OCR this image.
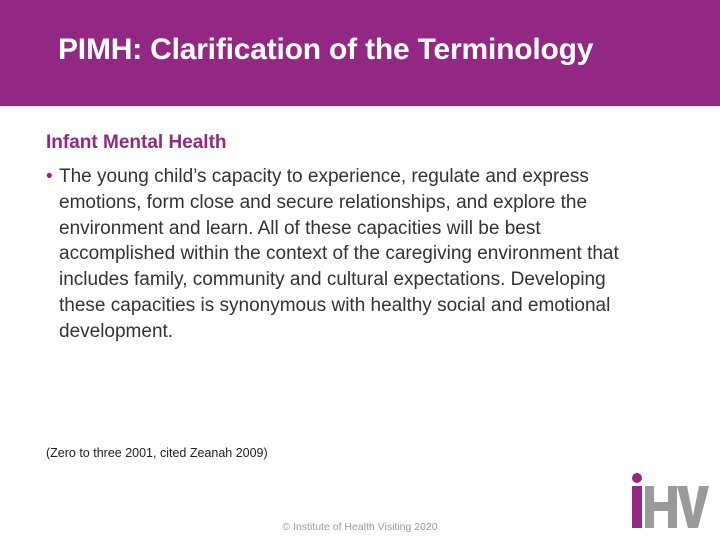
PIMH: Clarification of the Terminology
Infant Mental Health
• The young child’s capacity to experience, regulate and express emotions, form close and secure relationships, and explore the environment and learn. All of these capacities will be best accomplished within the context of the caregiving environment that includes family, community and cultural expectations. Developing these capacities is synonymous with healthy social and emotional development.
(Zero to three 2001, cited Zeanah 2009)
© Institute of Health Visiting 2020
